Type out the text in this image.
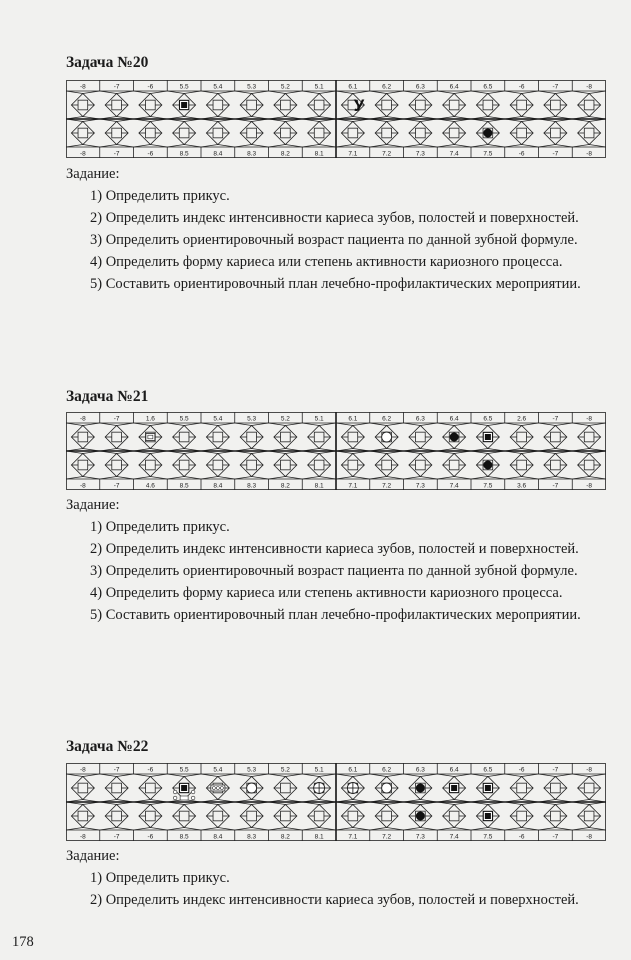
Задача №20
-8
-8
-7
-7
-6
-6
5.5
8.5
5.4
8.4
5.3
8.3
5.2
8.2
5.1
8.1
6.1
7.1
6.2
7.2
6.3
7.3
6.4
7.4
6.5
7.5
-6
-6
-7
-7
-8
-8
У

Задание:

1) Определить прикус.

2) Определить индекс интенсивности кариеса зубов, полостей и поверхностей.

3) Определить ориентировочный возраст пациента по данной зубной формуле.

4) Определить форму кариеса или степень активности кариозного процесса.

5) Составить ориентировочный план лечебно-профилактических мероприятии.

Задача №21
-8
-8
-7
-7
1.6
4.6
5.5
8.5
5.4
8.4
5.3
8.3
5.2
8.2
5.1
8.1
6.1
7.1
6.2
7.2
6.3
7.3
6.4
7.4
6.5
7.5
2.6
3.6
-7
-7
-8
-8

Задание:

1) Определить прикус.

2) Определить индекс интенсивности кариеса зубов, полостей и поверхностей.

3) Определить ориентировочный возраст пациента по данной зубной формуле.

4) Определить форму кариеса или степень активности кариозного процесса.

5) Составить ориентировочный план лечебно-профилактических мероприятии.

Задача №22
-8
-8
-7
-7
-6
-6
5.5
8.5
5.4
8.4
5.3
8.3
5.2
8.2
5.1
8.1
6.1
7.1
6.2
7.2
6.3
7.3
6.4
7.4
6.5
7.5
-6
-6
-7
-7
-8
-8

Задание:

1) Определить прикус.

2) Определить индекс интенсивности кариеса зубов, полостей и поверхностей.

178
